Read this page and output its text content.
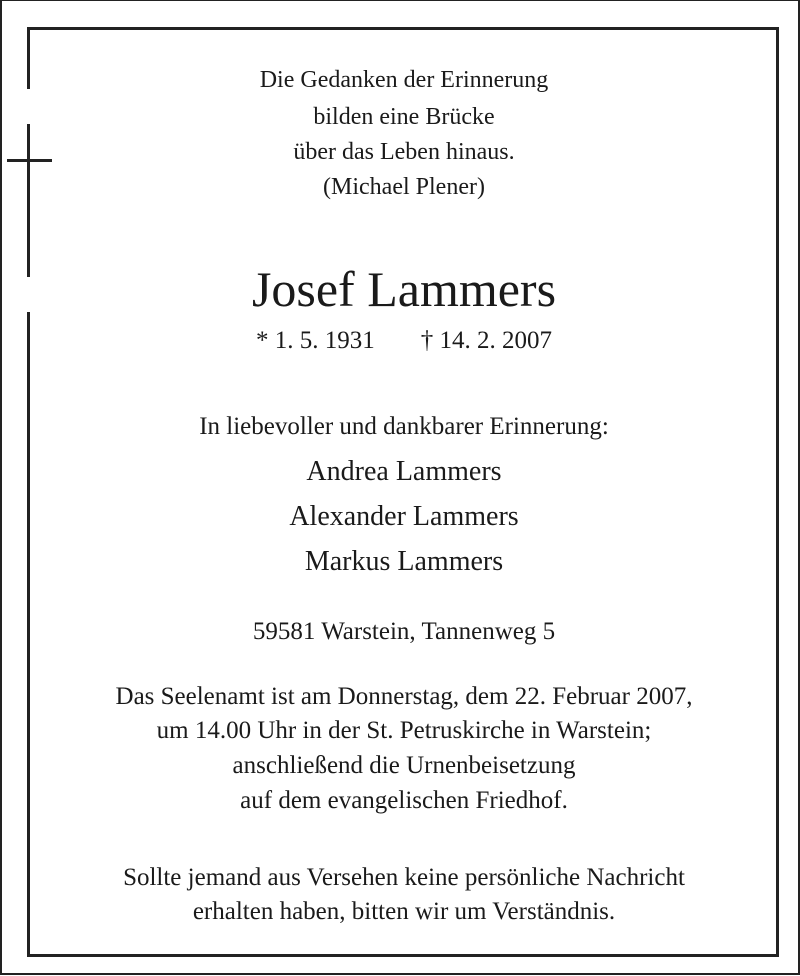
Die Gedanken der Erinnerung
bilden eine Brücke
über das Leben hinaus.
(Michael Plener)
Josef Lammers
* 1. 5. 1931 † 14. 2. 2007
In liebevoller und dankbarer Erinnerung:
Andrea Lammers
Alexander Lammers
Markus Lammers
59581 Warstein, Tannenweg 5
Das Seelenamt ist am Donnerstag, dem 22. Februar 2007,
um 14.00 Uhr in der St. Petruskirche in Warstein;
anschließend die Urnenbeisetzung
auf dem evangelischen Friedhof.
Sollte jemand aus Versehen keine persönliche Nachricht
erhalten haben, bitten wir um Verständnis.
